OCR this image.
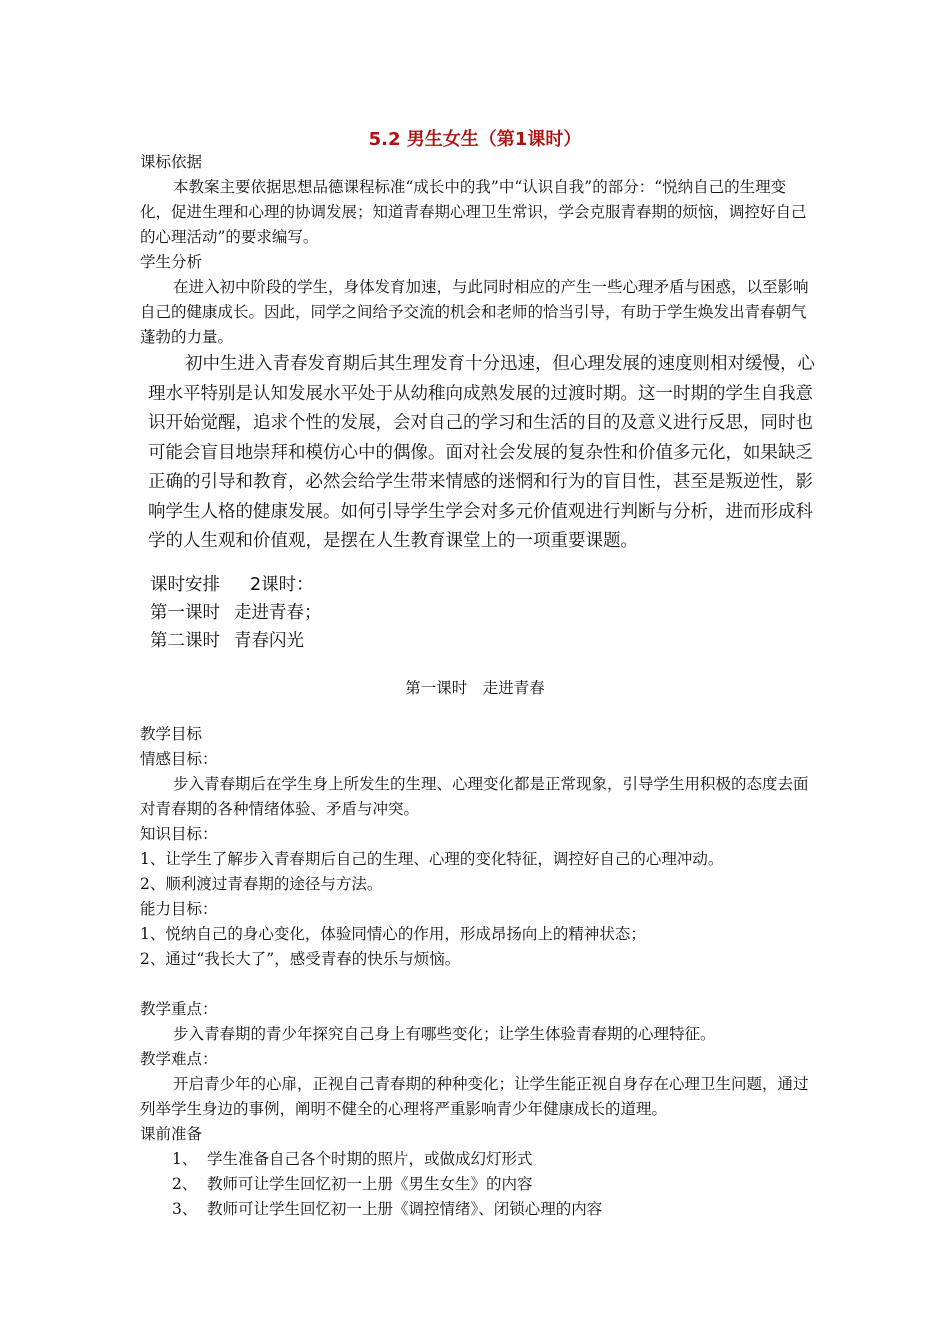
5.2 男生女生（第1课时）

课标依据

本教案主要依据思想品德课程标准“成长中的我”中“认识自我”的部分：“悦纳自己的生理变化，促进生理和心理的协调发展；知道青春期心理卫生常识，学会克服青春期的烦恼，调控好自己的心理活动”的要求编写。

学生分析

在进入初中阶段的学生，身体发育加速，与此同时相应的产生一些心理矛盾与困惑，以至影响自己的健康成长。因此，同学之间给予交流的机会和老师的恰当引导，有助于学生焕发出青春朝气蓬勃的力量。

初中生进入青春发育期后其生理发育十分迅速，但心理发展的速度则相对缓慢，心理水平特别是认知发展水平处于从幼稚向成熟发展的过渡时期。这一时期的学生自我意识开始觉醒，追求个性的发展，会对自己的学习和生活的目的及意义进行反思，同时也可能会盲目地崇拜和模仿心中的偶像。面对社会发展的复杂性和价值多元化，如果缺乏正确的引导和教育，必然会给学生带来情感的迷惘和行为的盲目性，甚至是叛逆性，影响学生人格的健康发展。如何引导学生学会对多元价值观进行判断与分析，进而形成科学的人生观和价值观，是摆在人生教育课堂上的一项重要课题。

课时安排 2课时：

第一课时 走进青春；

第二课时 青春闪光

第一课时　走进青春

教学目标

情感目标：

步入青春期后在学生身上所发生的生理、心理变化都是正常现象，引导学生用积极的态度去面对青春期的各种情绪体验、矛盾与冲突。

知识目标：

1、让学生了解步入青春期后自己的生理、心理的变化特征，调控好自己的心理冲动。

2、顺利渡过青春期的途径与方法。

能力目标：

1、悦纳自己的身心变化，体验同情心的作用，形成昂扬向上的精神状态；

2、通过“我长大了”，感受青春的快乐与烦恼。

教学重点：

步入青春期的青少年探究自己身上有哪些变化；让学生体验青春期的心理特征。

教学难点：

开启青少年的心扉，正视自己青春期的种种变化；让学生能正视自身存在心理卫生问题，通过列举学生身边的事例，阐明不健全的心理将严重影响青少年健康成长的道理。

课前准备

1、 学生准备自己各个时期的照片，或做成幻灯形式

2、 教师可让学生回忆初一上册《男生女生》的内容

3、 教师可让学生回忆初一上册《调控情绪》、闭锁心理的内容
